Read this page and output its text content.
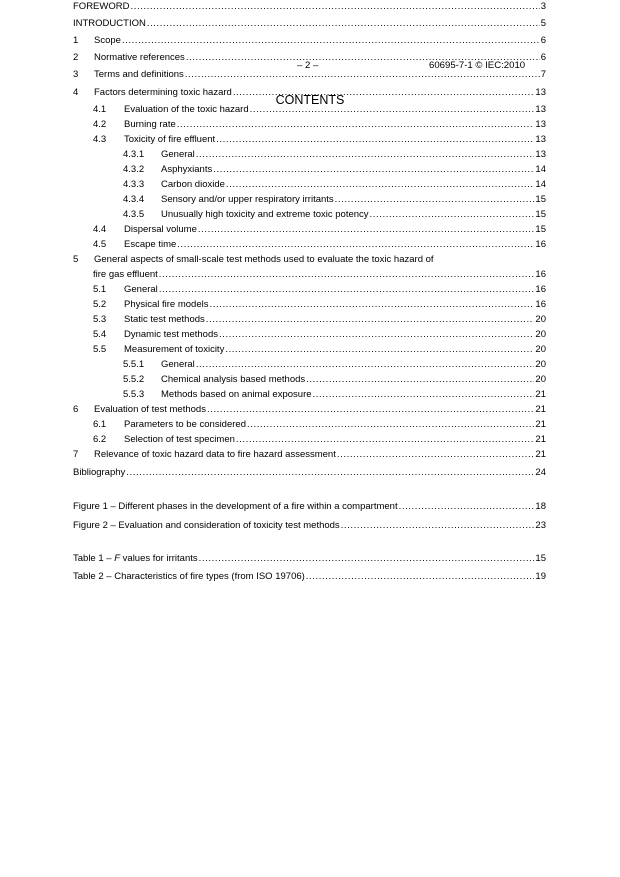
– 2 –	60695-7-1 © IEC:2010
CONTENTS
FOREWORD .....	3
INTRODUCTION .....	5
1	Scope .....	6
2	Normative references .....	6
3	Terms and definitions .....	7
4	Factors determining toxic hazard .....	13
4.1	Evaluation of the toxic hazard .....	13
4.2	Burning rate .....	13
4.3	Toxicity of fire effluent .....	13
4.3.1	General .....	13
4.3.2	Asphyxiants .....	14
4.3.3	Carbon dioxide .....	14
4.3.4	Sensory and/or upper respiratory irritants .....	15
4.3.5	Unusually high toxicity and extreme toxic potency .....	15
4.4	Dispersal volume .....	15
4.5	Escape time .....	16
5	General aspects of small-scale test methods used to evaluate the toxic hazard of
fire gas effluent .....	16
5.1	General .....	16
5.2	Physical fire models .....	16
5.3	Static test methods .....	20
5.4	Dynamic test methods .....	20
5.5	Measurement of toxicity .....	20
5.5.1	General .....	20
5.5.2	Chemical analysis based methods .....	20
5.5.3	Methods based on animal exposure .....	21
6	Evaluation of test methods .....	21
6.1	Parameters to be considered .....	21
6.2	Selection of test specimen .....	21
7	Relevance of toxic hazard data to fire hazard assessment .....	21
Bibliography .....	24
Figure 1 – Different phases in the development of a fire within a compartment .....	18
Figure 2 – Evaluation and consideration of toxicity test methods .....	23
Table 1 – F values for irritants .....	15
Table 2 – Characteristics of fire types (from ISO 19706) .....	19
